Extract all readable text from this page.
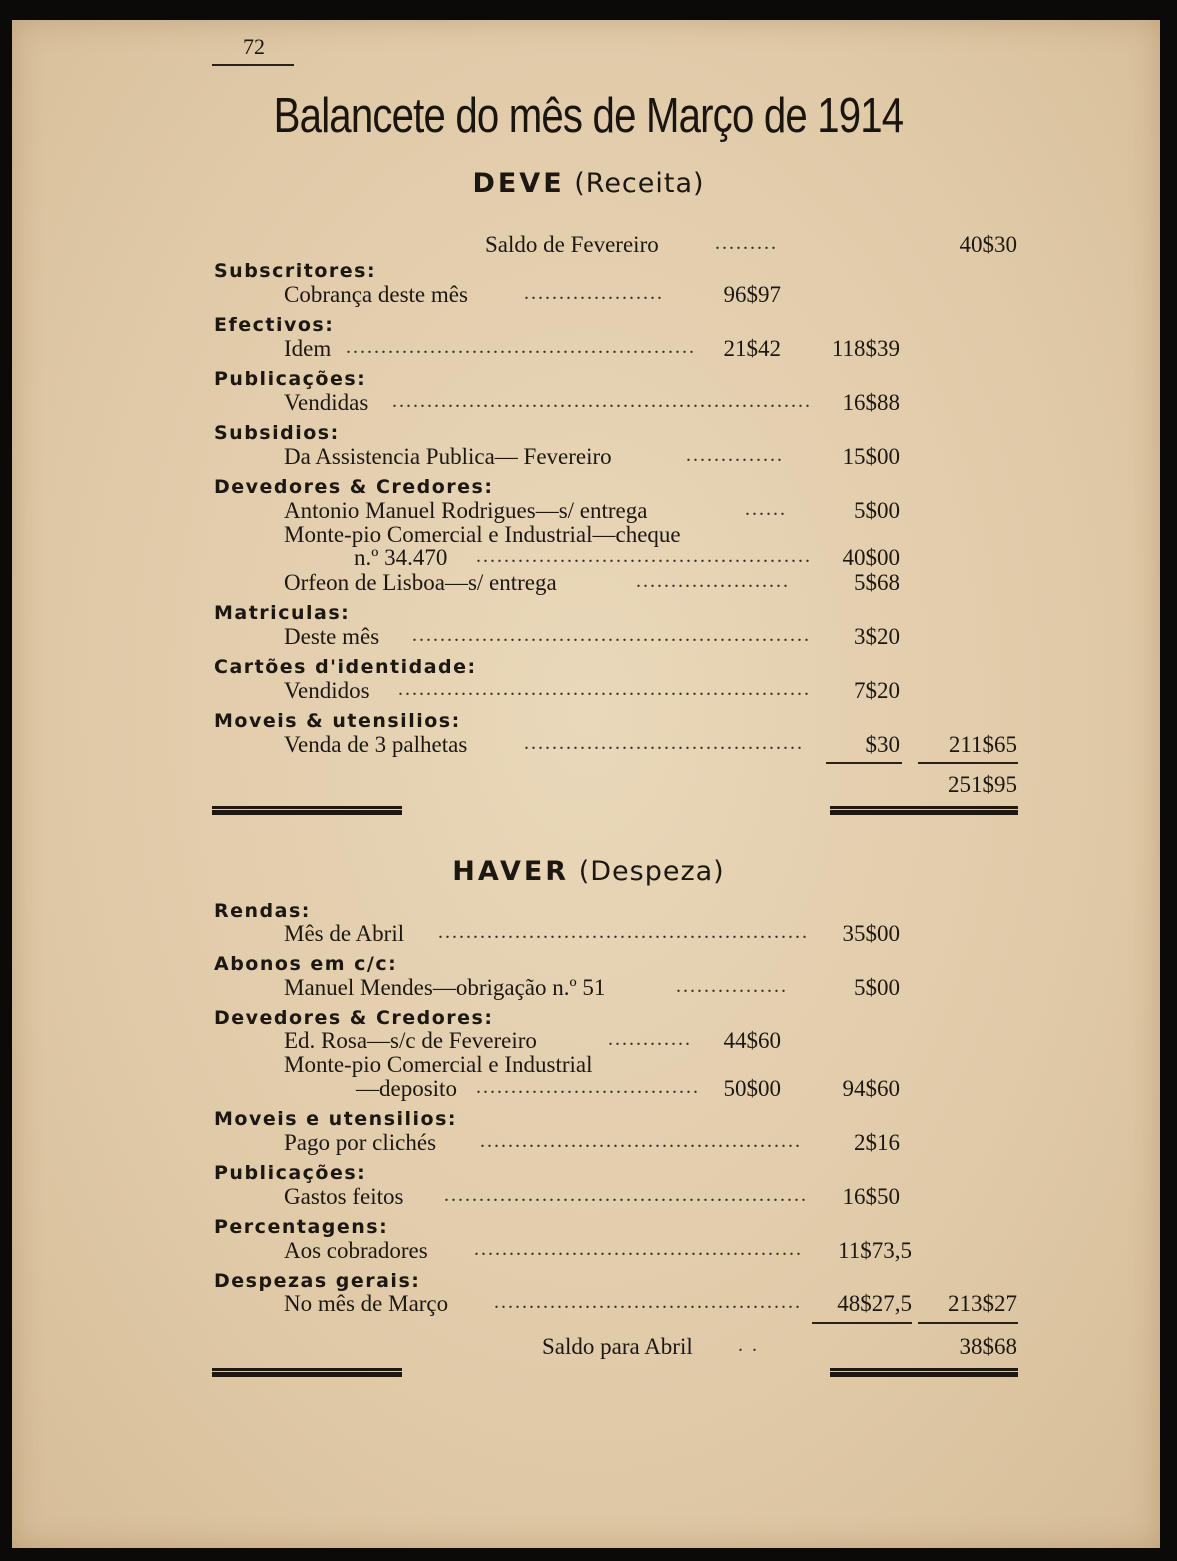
72
Balancete do mês de Março de 1914
DEVE (Receita)
Saldo de Fevereiro	.........	40$30
Subscritores:
Cobrança deste mês	....................	96$97
Efectivos:
Idem .................................................. 21$42 118$39
Publicações:
Vendidas ............................................................ 16$88
Subsidios:
Da Assistencia Publica— Fevereiro	..............	15$00
Devedores & Credores:
Antonio Manuel Rodrigues—s/ entrega	......	5$00
Monte-pio Comercial e Industrial—cheque
n.º 34.470 ................................................ 40$00
Orfeon de Lisboa—s/ entrega	......................	5$68
Matriculas:
Deste mês ......................................................... 3$20
Cartões d'identidade:
Vendidos ........................................................... 7$20
Moveis & utensilios:
Venda de 3 palhetas	........................................	$30 211$65
251$95
HAVER (Despeza)
Rendas:
Mês de Abril ..................................................... 35$00
Abonos em c/c:
Manuel Mendes—obrigação n.º 51	................	5$00
Devedores & Credores:
Ed. Rosa—s/c de Fevereiro	............ 44$60
Monte-pio Comercial e Industrial
—deposito ................................ 50$00	94$60
Moveis e utensilios:
Pago por clichés .............................................. 2$16
Publicações:
Gastos feitos .................................................... 16$50
Percentagens:
Aos cobradores ............................................... 11$73,5
Despezas gerais:
No mês de Março ............................................ 48$27,5 213$27
Saldo para Abril . .	38$68
